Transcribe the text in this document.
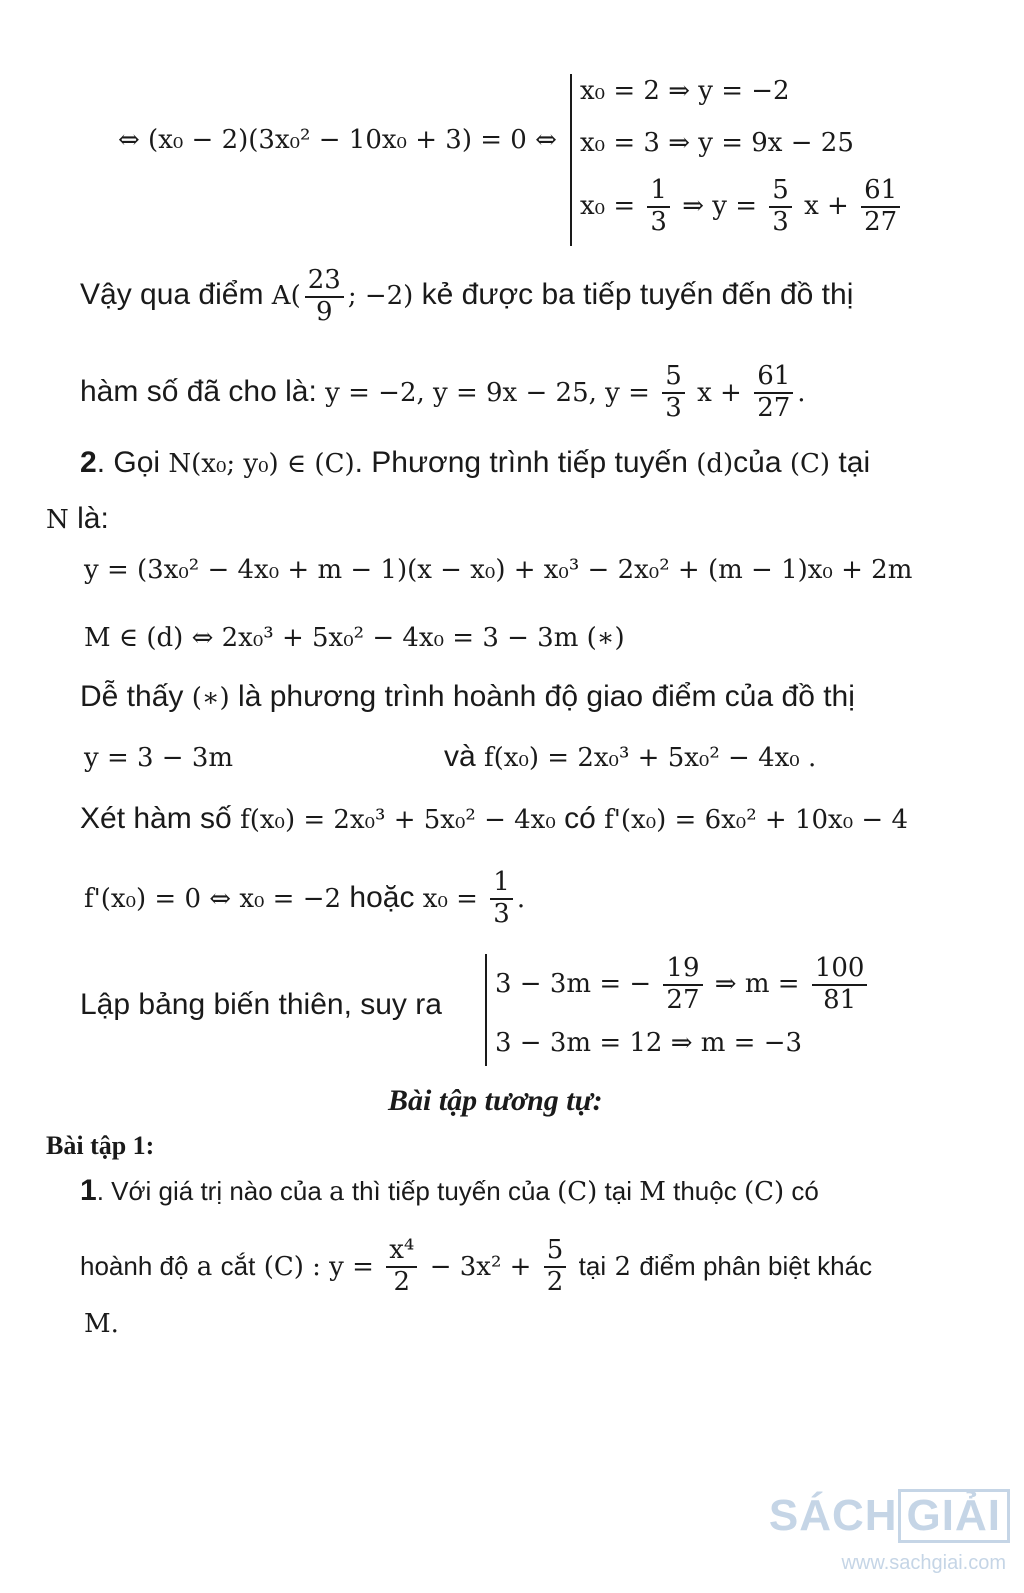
⇔ (x₀ − 2)(3x₀² − 10x₀ + 3) = 0 ⇔
x₀ = 2 ⇒ y = −2
x₀ = 3 ⇒ y = 9x − 25
$x_0 = \frac{1}{3}$ ⇒ $y = \frac{5}{3}$ $x + \frac{61}{27}$
Vậy qua điểm $A( \frac{23}{9}$ ; −2) kẻ được ba tiếp tuyến đến đồ thị
hàm số đã cho là: y = −2, y = 9x − 25, $y = \frac{5}{3}$ $x + \frac{61}{27}$ .
2. Gọi N(x₀; y₀) ∈ (C). Phương trình tiếp tuyến (d)của (C) tại
N là:
y = (3x₀² − 4x₀ + m − 1)(x − x₀) + x₀³ − 2x₀² + (m − 1)x₀ + 2m
M ∈ (d) ⇔ 2x₀³ + 5x₀² − 4x₀ = 3 − 3m (∗)
Dễ thấy (∗) là phương trình hoành độ giao điểm của đồ thị
y = 3 − 3m	và f(x₀) = 2x₀³ + 5x₀² − 4x₀ .
Xét hàm số f(x₀) = 2x₀³ + 5x₀² − 4x₀ có f'(x₀) = 6x₀² + 10x₀ − 4
f'(x₀) = 0 ⇔ x₀ = −2 hoặc $x_0 = \frac{1}{3}$ .
Lập bảng biến thiên, suy ra
3 − 3m = − $\frac{19}{27}$ ⇒ $m = \frac{100}{81}$
3 − 3m = 12 ⇒ m = −3
Bài tập tương tự:
Bài tập 1:
1. Với giá trị nào của a thì tiếp tuyến của (C) tại M thuộc (C) có
hoành độ a cắt (C) : $y = \frac{\text{x⁴}}{2} - 3x^2 + \frac{5}{2}$ tại 2 điểm phân biệt khác
M.
SÁCH GIẢI
www.sachgiai.com
